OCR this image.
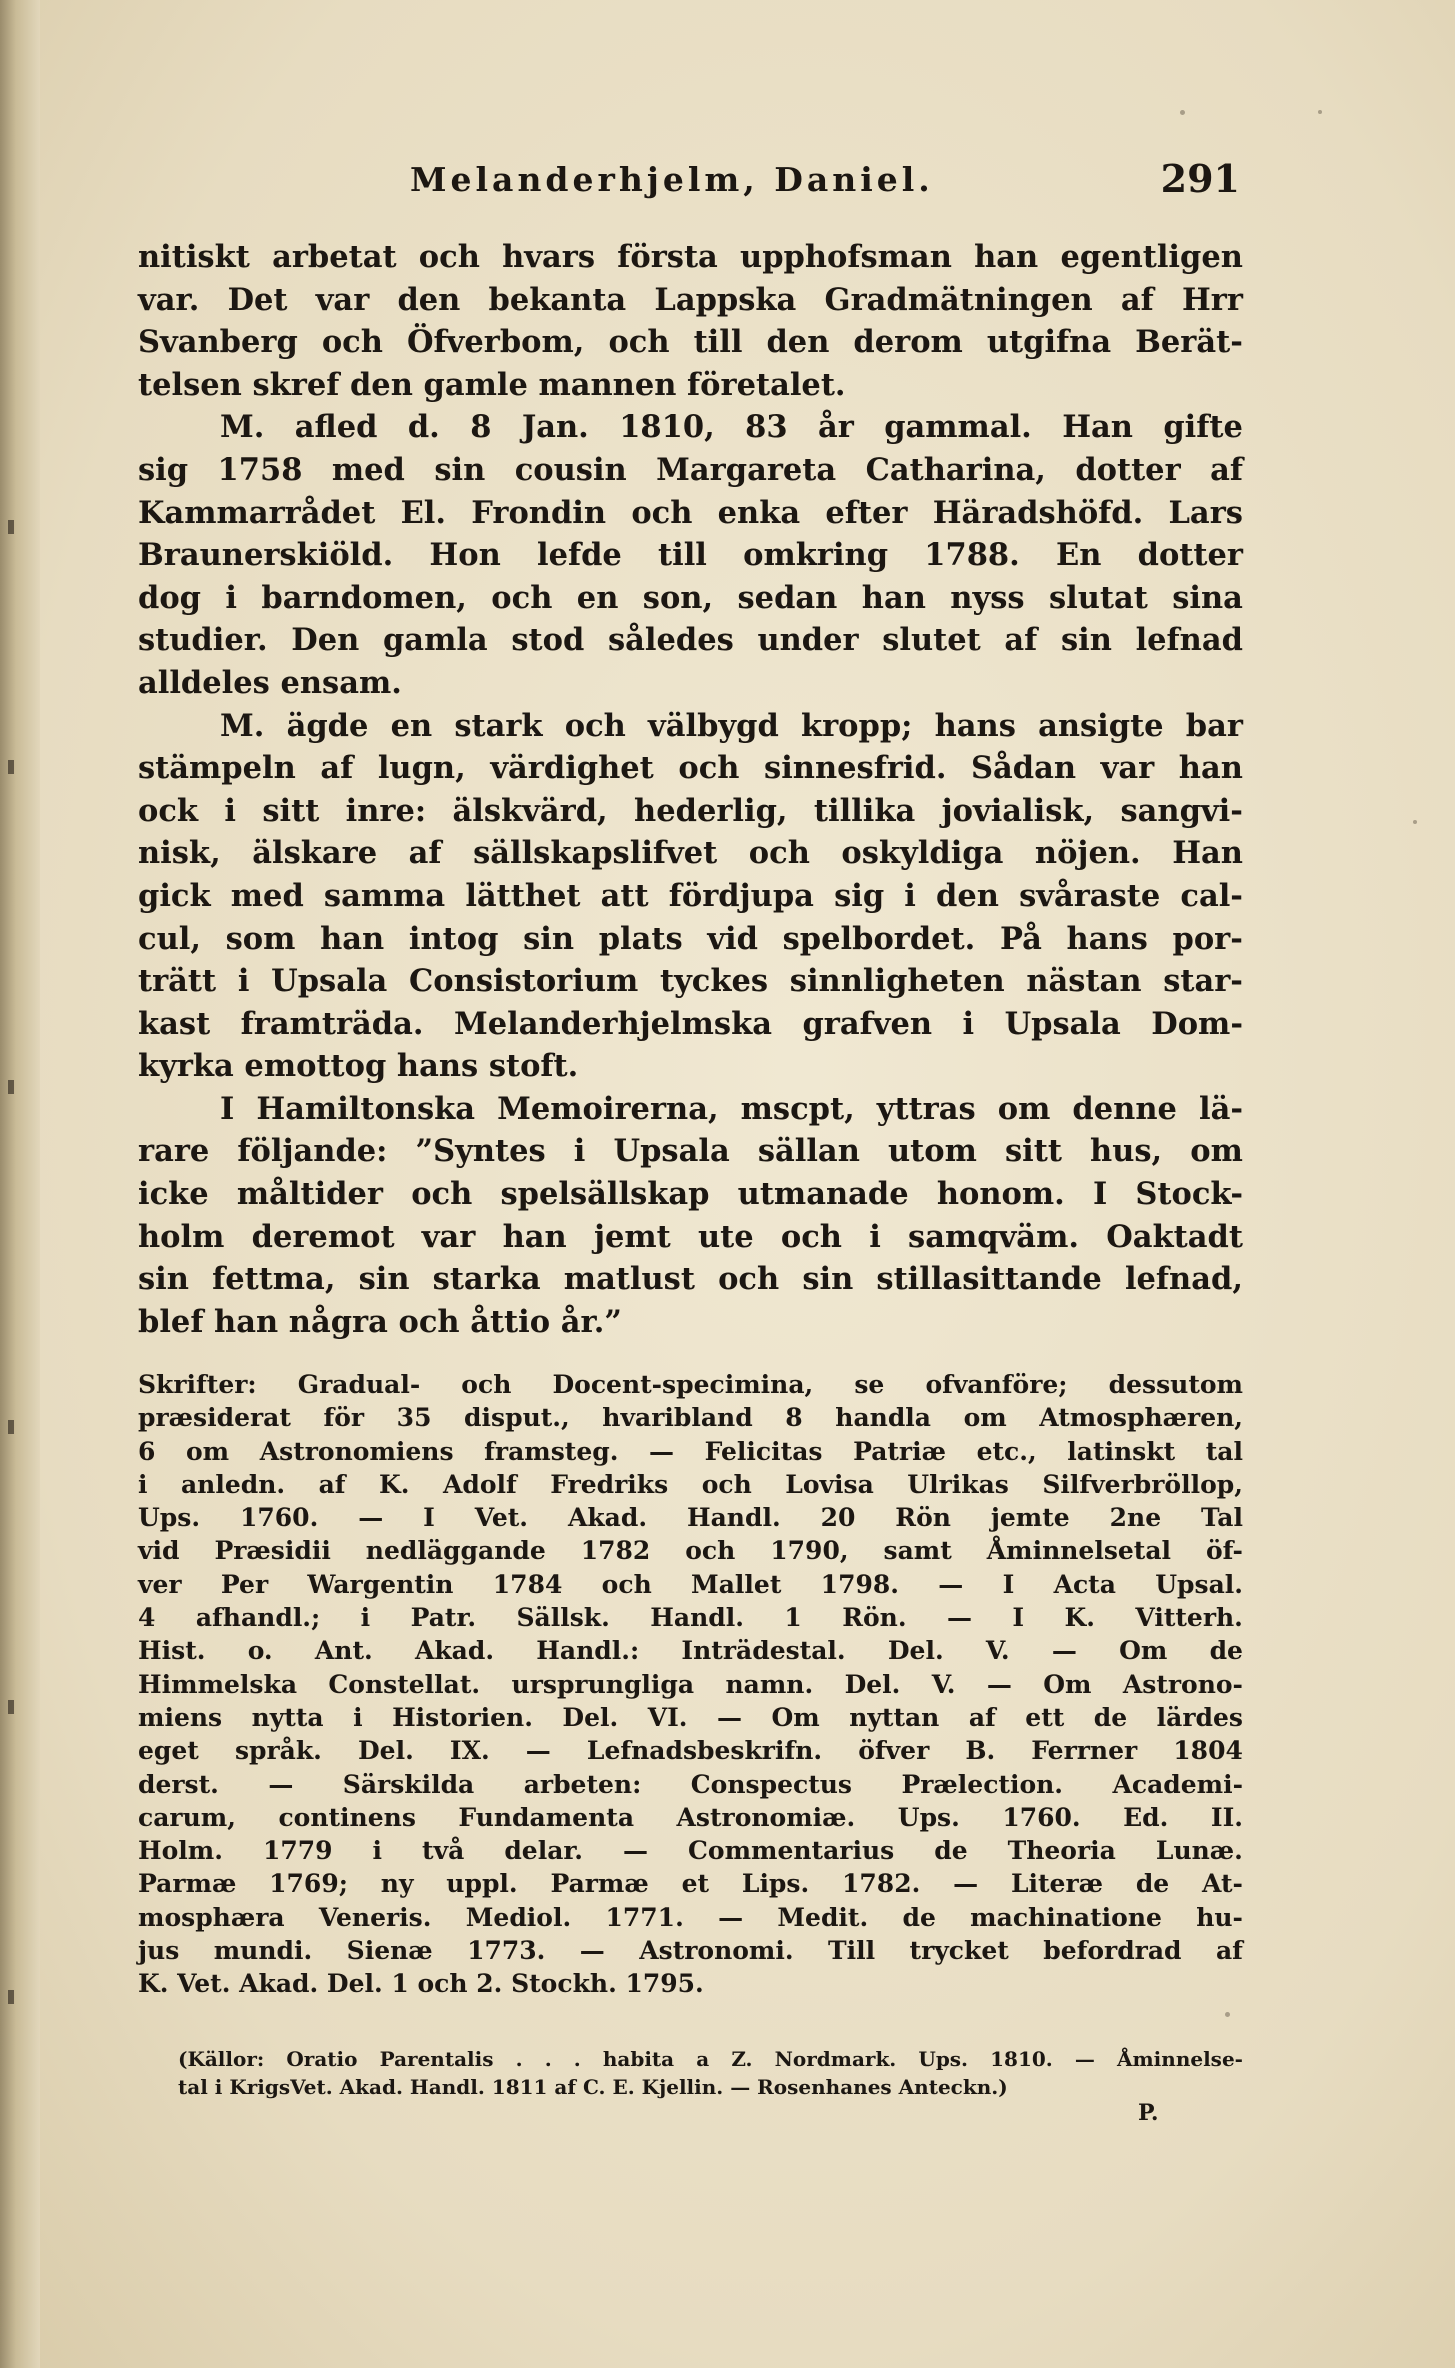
Melanderhjelm, Daniel.	291
nitiskt arbetat och hvars första upphofsman han egentligen
var. Det var den bekanta Lappska Gradmätningen af Hrr
Svanberg och Öfverbom, och till den derom utgifna Berät-
telsen skref den gamle mannen företalet.
M. afled d. 8 Jan. 1810, 83 år gammal. Han gifte
sig 1758 med sin cousin Margareta Catharina, dotter af
Kammarrådet El. Frondin och enka efter Häradshöfd. Lars
Braunerskiöld. Hon lefde till omkring 1788. En dotter
dog i barndomen, och en son, sedan han nyss slutat sina
studier. Den gamla stod således under slutet af sin lefnad
alldeles ensam.
M. ägde en stark och välbygd kropp; hans ansigte bar
stämpeln af lugn, värdighet och sinnesfrid. Sådan var han
ock i sitt inre: älskvärd, hederlig, tillika jovialisk, sangvi-
nisk, älskare af sällskapslifvet och oskyldiga nöjen. Han
gick med samma lätthet att fördjupa sig i den svåraste cal-
cul, som han intog sin plats vid spelbordet. På hans por-
trätt i Upsala Consistorium tyckes sinnligheten nästan star-
kast framträda. Melanderhjelmska grafven i Upsala Dom-
kyrka emottog hans stoft.
I Hamiltonska Memoirerna, mscpt, yttras om denne lä-
rare följande: ”Syntes i Upsala sällan utom sitt hus, om
icke måltider och spelsällskap utmanade honom. I Stock-
holm deremot var han jemt ute och i samqväm. Oaktadt
sin fettma, sin starka matlust och sin stillasittande lefnad,
blef han några och åttio år.”
Skrifter: Gradual- och Docent-specimina, se ofvanföre; dessutom
præsiderat för 35 disput., hvaribland 8 handla om Atmosphæren,
6 om Astronomiens framsteg. — Felicitas Patriæ etc., latinskt tal
i anledn. af K. Adolf Fredriks och Lovisa Ulrikas Silfverbröllop,
Ups. 1760. — I Vet. Akad. Handl. 20 Rön jemte 2ne Tal
vid Præsidii nedläggande 1782 och 1790, samt Åminnelsetal öf-
ver Per Wargentin 1784 och Mallet 1798. — I Acta Upsal.
4 afhandl.; i Patr. Sällsk. Handl. 1 Rön. — I K. Vitterh.
Hist. o. Ant. Akad. Handl.: Inträdestal. Del. V. — Om de
Himmelska Constellat. ursprungliga namn. Del. V. — Om Astrono-
miens nytta i Historien. Del. VI. — Om nyttan af ett de lärdes
eget språk. Del. IX. — Lefnadsbeskrifn. öfver B. Ferrner 1804
derst. — Särskilda arbeten: Conspectus Prælection. Academi-
carum, continens Fundamenta Astronomiæ. Ups. 1760. Ed. II.
Holm. 1779 i två delar. — Commentarius de Theoria Lunæ.
Parmæ 1769; ny uppl. Parmæ et Lips. 1782. — Literæ de At-
mosphæra Veneris. Mediol. 1771. — Medit. de machinatione hu-
jus mundi. Sienæ 1773. — Astronomi. Till trycket befordrad af
K. Vet. Akad. Del. 1 och 2. Stockh. 1795.
(Källor: Oratio Parentalis . . . habita a Z. Nordmark. Ups. 1810. — Åminnelse-
tal i KrigsVet. Akad. Handl. 1811 af C. E. Kjellin. — Rosenhanes Anteckn.)
P.
